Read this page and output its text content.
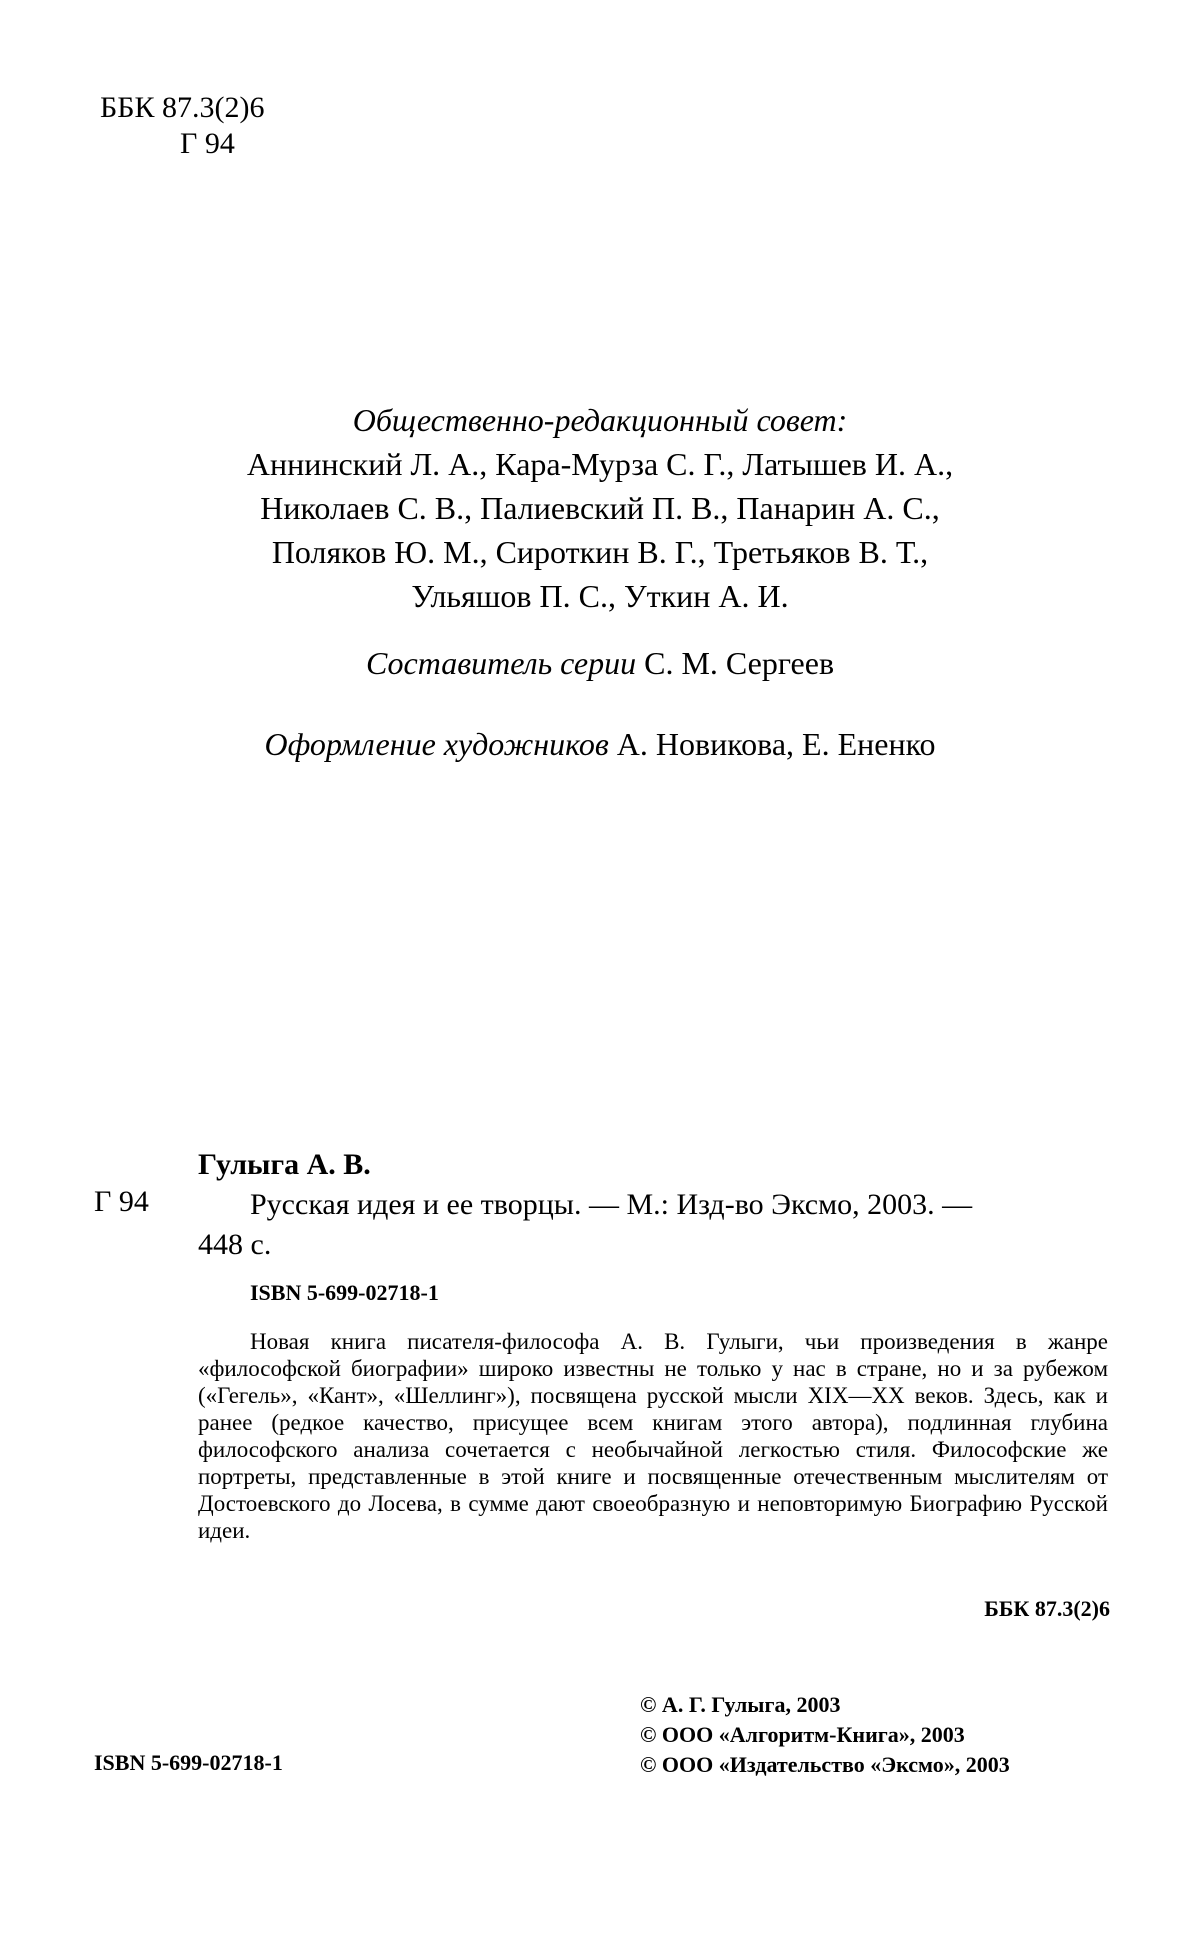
ББК 87.3(2)6
Г 94
Общественно-редакционный совет:
Аннинский Л. А., Кара-Мурза С. Г., Латышев И. А.,
Николаев С. В., Палиевский П. В., Панарин А. С.,
Поляков Ю. М., Сироткин В. Г., Третьяков В. Т.,
Ульяшов П. С., Уткин А. И.
Составитель серии С. М. Сергеев
Оформление художников А. Новикова, Е. Ененко
Гулыга А. В.
Г 94	Русская идея и ее творцы. — М.: Изд-во Эксмо, 2003. —
448 с.
ISBN 5-699-02718-1
Новая книга писателя-философа А. В. Гулыги, чьи произведения в жанре «философской биографии» широко известны не только у нас в стране, но и за рубежом («Гегель», «Кант», «Шеллинг»), посвящена русской мысли XIX—XX веков. Здесь, как и ранее (редкое качество, присущее всем книгам этого автора), подлинная глубина философского анализа сочетается с необычайной легкостью стиля. Философские же портреты, представленные в этой книге и посвященные отечественным мыслителям от Достоевского до Лосева, в сумме дают своеобразную и неповторимую Биографию Русской идеи.
ББК 87.3(2)6
ISBN 5-699-02718-1
© А. Г. Гулыга, 2003
© ООО «Алгоритм-Книга», 2003
© ООО «Издательство «Эксмо», 2003
